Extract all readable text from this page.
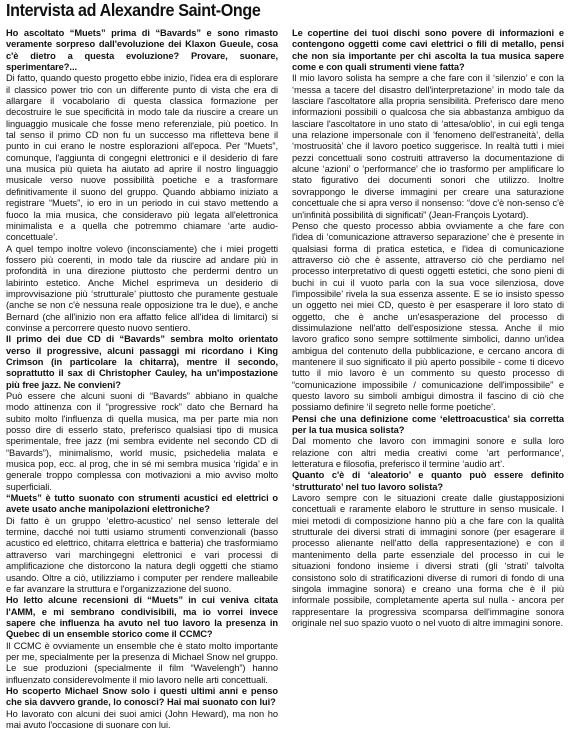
Intervista ad Alexandre Saint-Onge

Ho ascoltato “Muets” prima di “Bavards” e sono rimasto veramente sorpreso dall'evoluzione dei Klaxon Gueule, cosa c'è dietro a questa evoluzione? Provare, suonare, sperimentare?...

Di fatto, quando questo progetto ebbe inizio, l'idea era di esplorare il classico power trio con un differente punto di vista che era di allargare il vocabolario di questa classica formazione per decostruire le sue specificità in modo tale da riuscire a creare un linguaggio musicale che fosse meno referenziale, più poetico. In tal senso il primo CD non fu un successo ma rifletteva bene il punto in cui erano le nostre esplorazioni all'epoca. Per “Muets”, comunque, l'aggiunta di congegni elettronici e il desiderio di fare una musica più quieta ha aiutato ad aprire il nostro linguaggio musicale verso nuove possibilità poetiche e a trasformare definitivamente il suono del gruppo. Quando abbiamo iniziato a registrare “Muets”, io ero in un periodo in cui stavo mettendo a fuoco la mia musica, che consideravo più legata all'elettronica minimalista e a quella che potremmo chiamare ‘arte audio-concettuale’.

A quel tempo inoltre volevo (inconsciamente) che i miei progetti fossero più coerenti, in modo tale da riuscire ad andare più in profondità in una direzione piuttosto che perdermi dentro un labirinto estetico. Anche Michel esprimeva un desiderio di improvvisazione più ‘strutturale’ piuttosto che puramente gestuale (anche se non c'è nessuna reale opposizione tra le due), e anche Bernard (che all'inizio non era affatto felice all'idea di limitarci) si convinse a percorrere questo nuovo sentiero.

Il primo dei due CD di “Bavards” sembra molto orientato verso il progressive, alcuni passaggi mi ricordano i King Crimson (in particolare la chitarra), mentre il secondo, soprattutto il sax di Christopher Cauley, ha un'impostazione più free jazz. Ne convieni?

Può essere che alcuni suoni di “Bavards” abbiano in qualche modo attinenza con il “progressive rock” dato che Bernard ha subito molto l'influenza di quella musica, ma per parte mia non posso dire di esserlo stato, preferisco qualsiasi tipo di musica sperimentale, free jazz (mi sembra evidente nel secondo CD di “Bavards”), minimalismo, world music, psichedelia malata e musica pop, ecc. al prog, che in sé mi sembra musica ‘rigida’ e in generale troppo complessa con motivazioni a mio avviso molto superficiali.

“Muets” è tutto suonato con strumenti acustici ed elettrici o avete usato anche manipolazioni elettroniche?

Di fatto è un gruppo ‘elettro-acustico’ nel senso letterale del termine, dacché noi tutti usiamo strumenti convenzionali (basso acustico ed elettrico, chitarra elettrica e batteria) che trasformiamo attraverso vari marchingegni elettronici e vari processi di amplificazione che distorcono la natura degli oggetti che stiamo usando. Oltre a ciò, utilizziamo i computer per rendere malleabile e far avanzare la struttura e l'organizzazione del suono.

Ho letto alcune recensioni di “Muets” in cui veniva citata l'AMM, e mi sembrano condivisibili, ma io vorrei invece sapere che influenza ha avuto nel tuo lavoro la presenza in Quebec di un ensemble storico come il CCMC?

Il CCMC è ovviamente un ensemble che è stato molto importante per me, specialmente per la presenza di Michael Snow nel gruppo. Le sue produzioni (specialmente il film “Wavelengh”) hanno influenzato considerevolmente il mio lavoro nelle arti concettuali.

Ho scoperto Michael Snow solo i questi ultimi anni e penso che sia davvero grande, lo conosci? Hai mai suonato con lui?

Ho lavorato con alcuni dei suoi amici (John Heward), ma non ho mai avuto l'occasione di suonare con lui.

Le copertine dei tuoi dischi sono povere di informazioni e contengono oggetti come cavi elettrici o fili di metallo, pensi che non sia importante per chi ascolta la tua musica sapere come e con quali strumenti viene fatta?

Il mio lavoro solista ha sempre a che fare con il ‘silenzio’ e con la ‘messa a tacere del disastro dell'interpretazione’ in modo tale da lasciare l'ascoltatore alla propria sensibilità. Preferisco dare meno informazioni possibili o qualcosa che sia abbastanza ambiguo da lasciare l'ascoltatore in uno stato di ‘attesa/oblio’, in cui egli tenga una relazione impersonale con il ‘fenomeno dell'estraneità’, della ‘mostruosità’ che il lavoro poetico suggerisce. In realtà tutti i miei pezzi concettuali sono costruiti attraverso la documentazione di alcune ‘azioni’ o ‘performance’ che io trasformo per amplificare lo stato figurativo dei documenti sonori che utilizzo. Inoltre sovrappongo le diverse immagini per creare una saturazione concettuale che si apra verso il nonsenso: “dove c'è non-senso c'è un'infinità possibilità di significati” (Jean-François Lyotard).

Penso che questo processo abbia ovviamente a che fare con l'idea di ‘comunicazione attraverso separazione’ che è presente in qualsiasi forma di pratica estetica, e l'idea di comunicazione attraverso ciò che è assente, attraverso ciò che perdiamo nel processo interpretativo di questi oggetti estetici, che sono pieni di buchi in cui il vuoto parla con la sua voce silenziosa, dove l'impossibile’ rivela la sua essenza assente. E se io insisto spesso un oggetto nei miei CD, questo è per esasperare il loro stato di oggetto, che è anche un'esasperazione del processo di dissimulazione nell'atto dell'esposizione stessa. Anche il mio lavoro grafico sono sempre sottilmente simbolici, danno un'idea ambigua del contenuto della pubblicazione, e cercano ancora di mantenere il suo significato il più aperto possibile - come ti dicevo tutto il mio lavoro è un commento su questo processo di “comunicazione impossibile / comunicazione dell'impossibile” e questo lavoro su simboli ambigui dimostra il fascino di ciò che possiamo definire ‘il segreto nelle forme poetiche’.

Pensi che una definizione come ‘elettroacustica’ sia corretta per la tua musica solista?

Dal momento che lavoro con immagini sonore e sulla loro relazione con altri media creativi come ‘art performance’, letteratura e filosofia, preferisco il termine ‘audio art’.

Quanto c'è di ‘aleatorio’ e quanto può essere definito ‘strutturato’ nel tuo lavoro solista?

Lavoro sempre con le situazioni create dalle giustapposizioni concettuali e raramente elaboro le strutture in senso musicale. I miei metodi di composizione hanno più a che fare con la qualità strutturale dei diversi strati di immagini sonore (per esagerare il processo alienante nell'atto della rappresentazione) e con il mantenimento della parte essenziale del processo in cui le situazioni fondono insieme i diversi strati (gli ‘strati’ talvolta consistono solo di stratificazioni diverse di rumori di fondo di una singola immagine sonora) e creano una forma che è il più informale possibile, completamente aperta sul nulla - ancora per rappresentare la progressiva scomparsa dell'immagine sonora originale nel suo spazio vuoto o nel vuoto di altre immagini sonore.
